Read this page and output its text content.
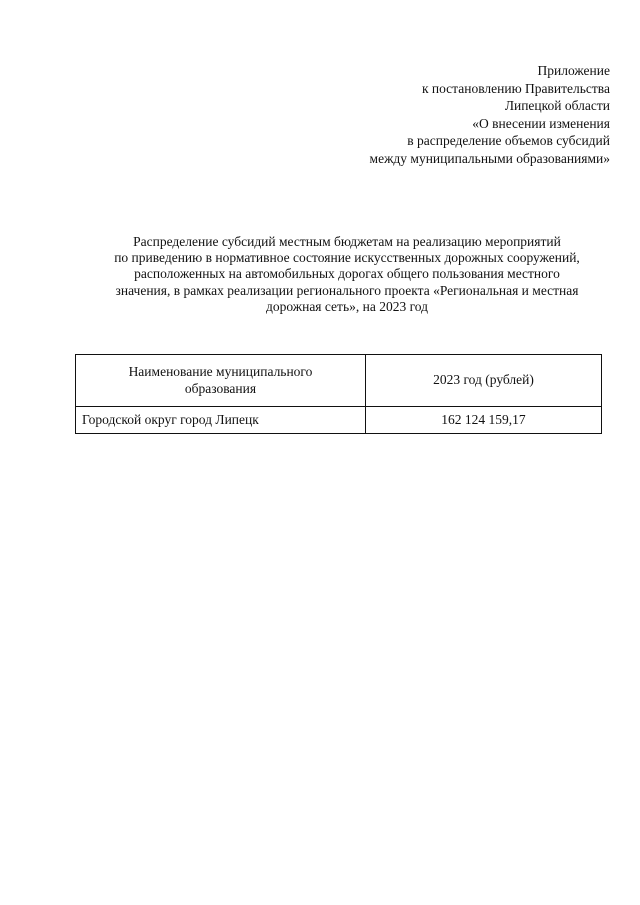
Приложение
к постановлению Правительства
Липецкой области
«О внесении изменения
в распределение объемов субсидий
между муниципальными образованиями»
Распределение субсидий местным бюджетам на реализацию мероприятий
по приведению в нормативное состояние искусственных дорожных сооружений,
расположенных на автомобильных дорогах общего пользования местного
значения, в рамках реализации регионального проекта «Региональная и местная
дорожная сеть», на 2023 год
Наименование муниципального
образования	2023 год (рублей)
Городской округ город Липецк	162 124 159,17
